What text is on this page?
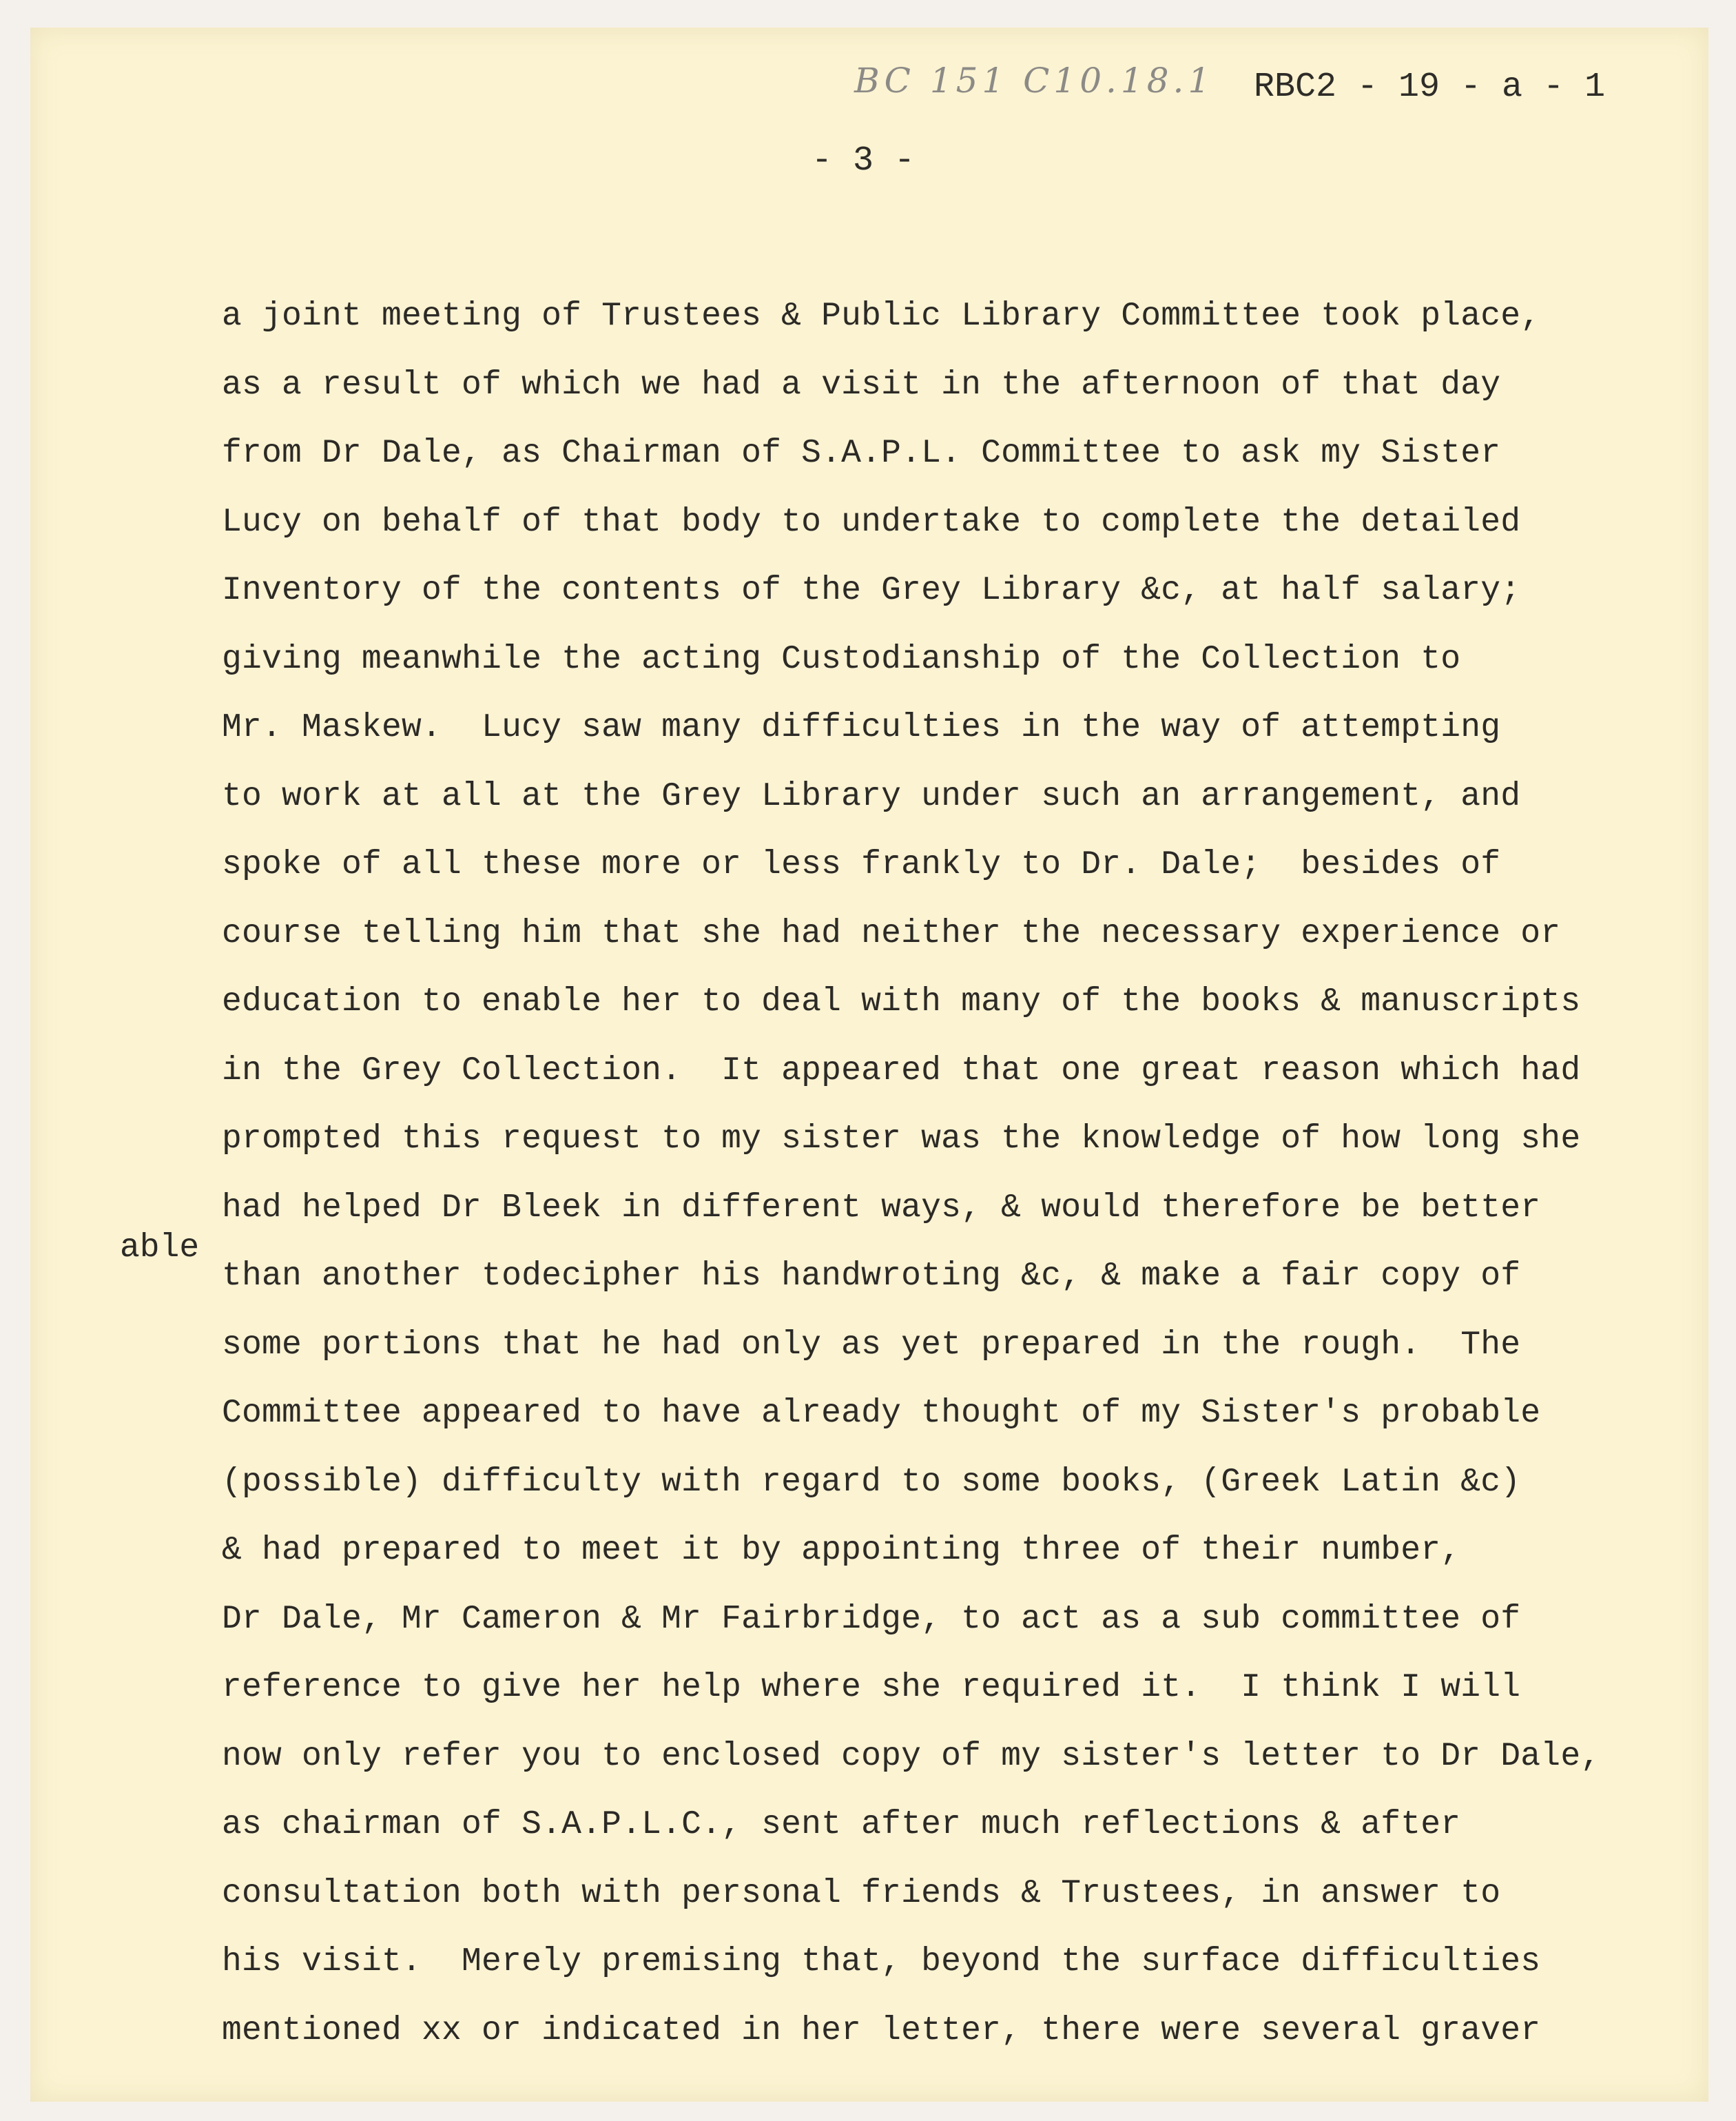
BC 151 C10.18.1 RBC2 - 19 - a - 1
- 3 -
able
a joint meeting of Trustees & Public Library Committee took place,
as a result of which we had a visit in the afternoon of that day
from Dr Dale, as Chairman of S.A.P.L. Committee to ask my Sister
Lucy on behalf of that body to undertake to complete the detailed
Inventory of the contents of the Grey Library &c, at half salary;
giving meanwhile the acting Custodianship of the Collection to
Mr. Maskew.  Lucy saw many difficulties in the way of attempting
to work at all at the Grey Library under such an arrangement, and
spoke of all these more or less frankly to Dr. Dale;  besides of
course telling him that she had neither the necessary experience or
education to enable her to deal with many of the books & manuscripts
in the Grey Collection.  It appeared that one great reason which had
prompted this request to my sister was the knowledge of how long she
had helped Dr Bleek in different ways, & would therefore be better
than another todecipher his handwroting &c, & make a fair copy of
some portions that he had only as yet prepared in the rough.  The
Committee appeared to have already thought of my Sister's probable
(possible) difficulty with regard to some books, (Greek Latin &c)
& had prepared to meet it by appointing three of their number,
Dr Dale, Mr Cameron & Mr Fairbridge, to act as a sub committee of
reference to give her help where she required it.  I think I will
now only refer you to enclosed copy of my sister's letter to Dr Dale,
as chairman of S.A.P.L.C., sent after much reflections & after
consultation both with personal friends & Trustees, in answer to
his visit.  Merely premising that, beyond the surface difficulties
mentioned xx or indicated in her letter, there were several graver
